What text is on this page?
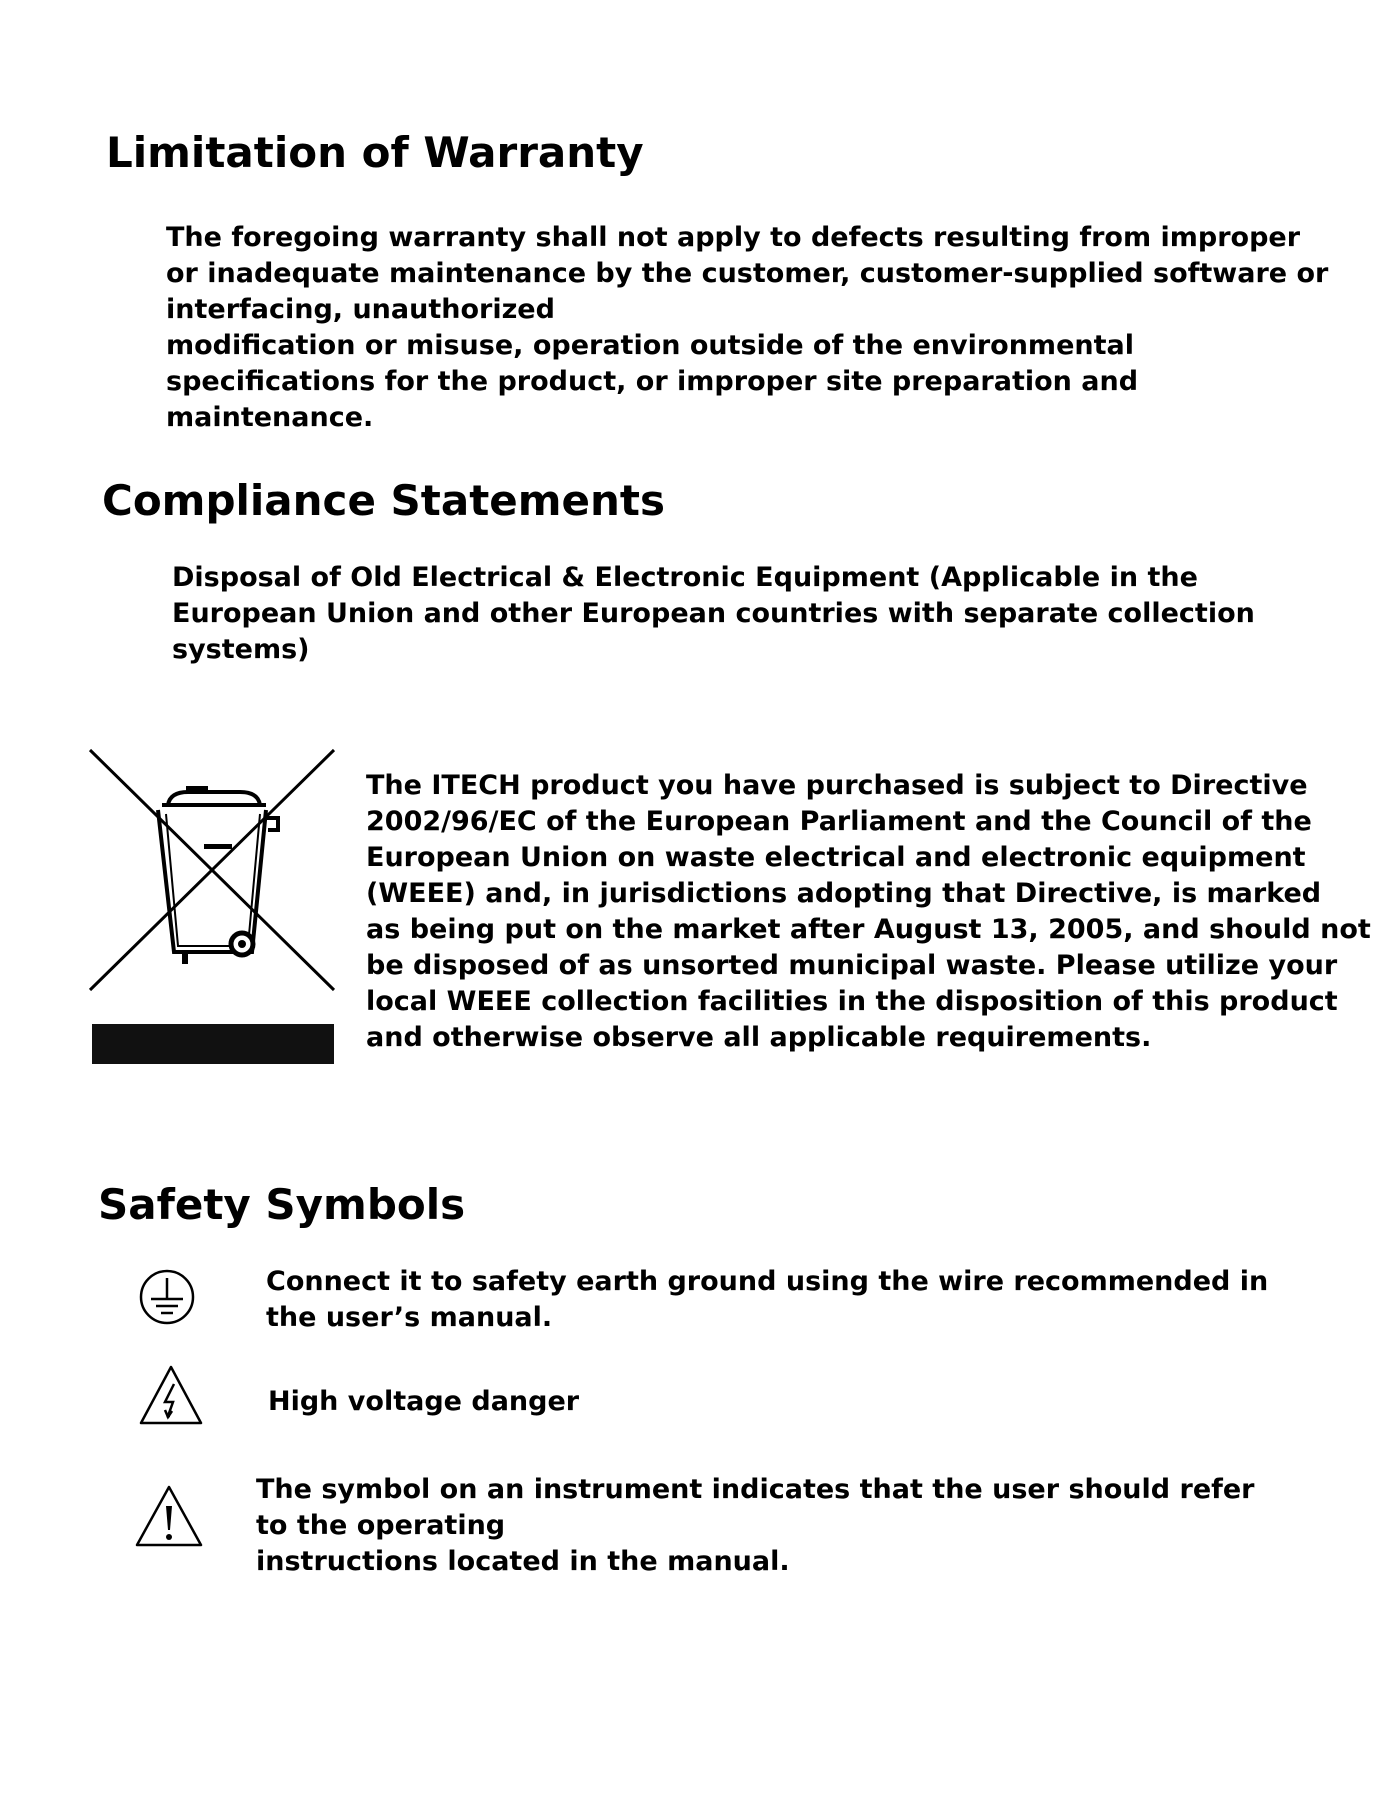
Limitation of Warranty
The foregoing warranty shall not apply to defects resulting from improper
or inadequate maintenance by the customer, customer-supplied software or
interfacing, unauthorized
modification or misuse, operation outside of the environmental
specifications for the product, or improper site preparation and
maintenance.
Compliance Statements
Disposal of Old Electrical & Electronic Equipment (Applicable in the
European Union and other European countries with separate collection
systems)
The ITECH product you have purchased is subject to Directive
2002/96/EC of the European Parliament and the Council of the
European Union on waste electrical and electronic equipment
(WEEE) and, in jurisdictions adopting that Directive, is marked
as being put on the market after August 13, 2005, and should not
be disposed of as unsorted municipal waste. Please utilize your
local WEEE collection facilities in the disposition of this product
and otherwise observe all applicable requirements.
Safety Symbols
Connect it to safety earth ground using the wire recommended in
the user’s manual.
High voltage danger
The symbol on an instrument indicates that the user should refer
to the operating
instructions located in the manual.
